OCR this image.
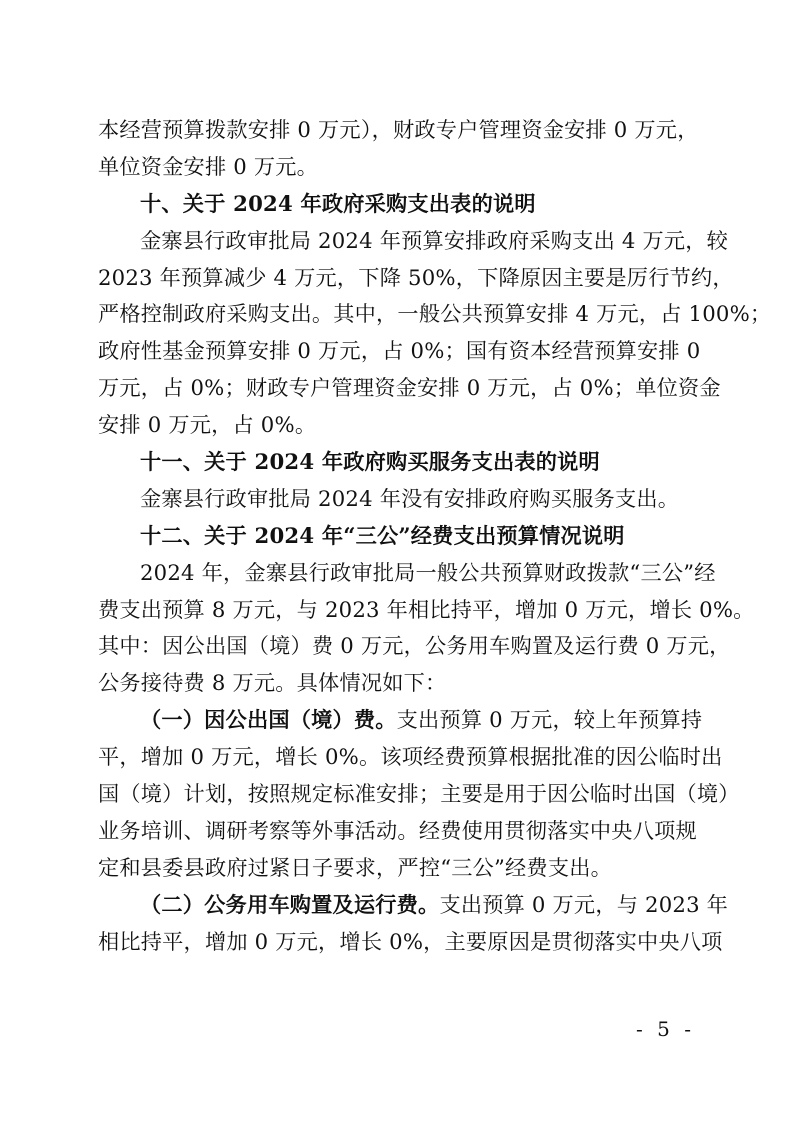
本经营预算拨款安排 0 万元），财政专户管理资金安排 0 万元，
单位资金安排 0 万元。
十、关于 2024 年政府采购支出表的说明
金寨县行政审批局 2024 年预算安排政府采购支出 4 万元，较
2023 年预算减少 4 万元，下降 50%，下降原因主要是厉行节约，
严格控制政府采购支出。其中，一般公共预算安排 4 万元，占 100%；
政府性基金预算安排 0 万元，占 0%；国有资本经营预算安排 0
万元，占 0%；财政专户管理资金安排 0 万元，占 0%；单位资金
安排 0 万元，占 0%。
十一、关于 2024 年政府购买服务支出表的说明
金寨县行政审批局 2024 年没有安排政府购买服务支出。
十二、关于 2024 年“三公”经费支出预算情况说明
2024 年，金寨县行政审批局一般公共预算财政拨款“三公”经
费支出预算 8 万元，与 2023 年相比持平，增加 0 万元，增长 0%。
其中：因公出国（境）费 0 万元，公务用车购置及运行费 0 万元，
公务接待费 8 万元。具体情况如下：
（一）因公出国（境）费。支出预算 0 万元，较上年预算持
平，增加 0 万元，增长 0%。该项经费预算根据批准的因公临时出
国（境）计划，按照规定标准安排；主要是用于因公临时出国（境）
业务培训、调研考察等外事活动。经费使用贯彻落实中央八项规
定和县委县政府过紧日子要求，严控“三公”经费支出。
（二）公务用车购置及运行费。支出预算 0 万元，与 2023 年
相比持平，增加 0 万元，增长 0%，主要原因是贯彻落实中央八项
- 5 -
